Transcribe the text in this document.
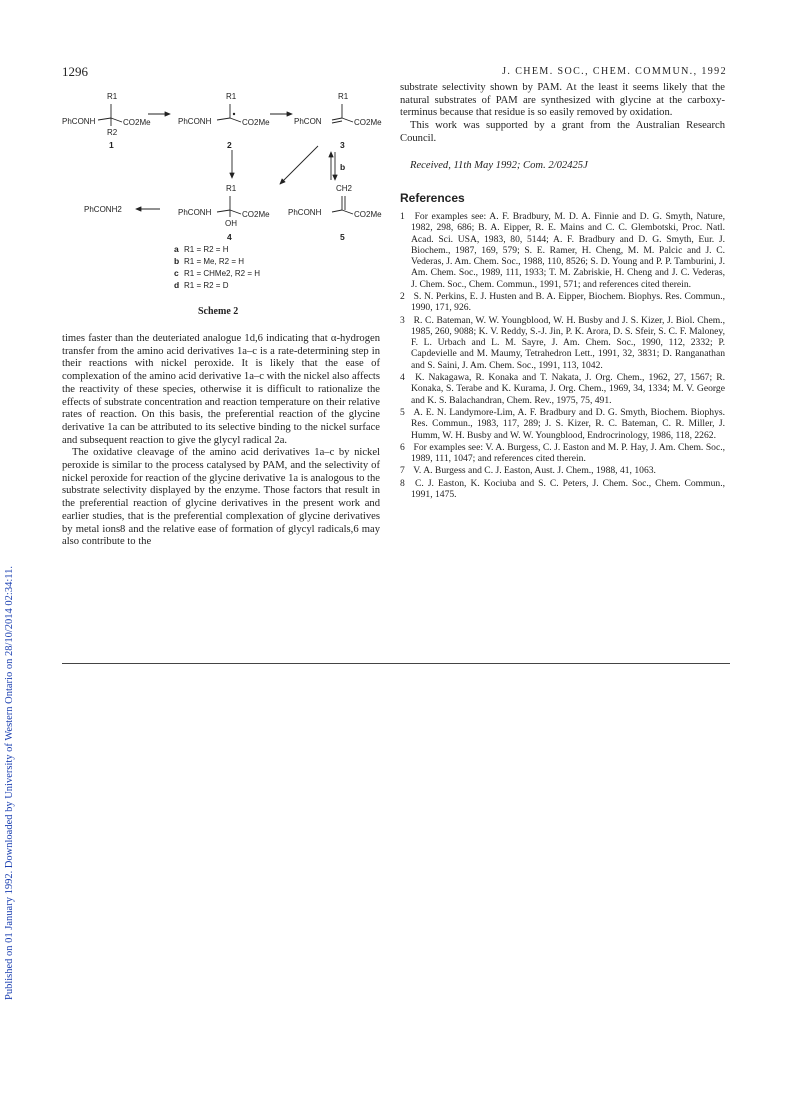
1296	J. CHEM. SOC., CHEM. COMMUN., 1992
Published on 01 January 1992. Downloaded by University of Western Ontario on 28/10/2014 02:34:11.
R1
PhCONH	CO2Me
R2
1
R1
PhCONH	CO2Me
2
R1
PhCON	CO2Me
3
b
R1
PhCONH	CO2Me
OH
4
CH2
PhCONH	CO2Me
5
PhCONH2
a R1 = R2 = H
b R1 = Me, R2 = H
c R1 = CHMe2, R2 = H
d R1 = R2 = D
Scheme 2

times faster than the deuteriated analogue 1d,6 indicating that α-hydrogen transfer from the amino acid derivatives 1a–c is a rate-determining step in their reactions with nickel peroxide. It is likely that the ease of complexation of the amino acid derivative 1a–c with the nickel also affects the reactivity of these species, otherwise it is difficult to rationalize the effects of substrate concentration and reaction temperature on their relative rates of reaction. On this basis, the preferential reaction of the glycine derivative 1a can be attributed to its selective binding to the nickel surface and subsequent reaction to give the glycyl radical 2a.

The oxidative cleavage of the amino acid derivatives 1a–c by nickel peroxide is similar to the process catalysed by PAM, and the selectivity of nickel peroxide for reaction of the glycine derivative 1a is analogous to the substrate selectivity displayed by the enzyme. Those factors that result in the preferential reaction of glycine derivatives in the present work and earlier studies, that is the preferential complexation of glycine derivatives by metal ions8 and the relative ease of formation of glycyl radicals,6 may also contribute to the

substrate selectivity shown by PAM. At the least it seems likely that the natural substrates of PAM are synthesized with glycine at the carboxy-terminus because that residue is so easily removed by oxidation.

This work was supported by a grant from the Australian Research Council.

Received, 11th May 1992; Com. 2/02425J

References
1 For examples see: A. F. Bradbury, M. D. A. Finnie and D. G. Smyth, Nature, 1982, 298, 686; B. A. Eipper, R. E. Mains and C. C. Glembotski, Proc. Natl. Acad. Sci. USA, 1983, 80, 5144; A. F. Bradbury and D. G. Smyth, Eur. J. Biochem., 1987, 169, 579; S. E. Ramer, H. Cheng, M. M. Palcic and J. C. Vederas, J. Am. Chem. Soc., 1988, 110, 8526; S. D. Young and P. P. Tamburini, J. Am. Chem. Soc., 1989, 111, 1933; T. M. Zabriskie, H. Cheng and J. C. Vederas, J. Chem. Soc., Chem. Commun., 1991, 571; and references cited therein.
2 S. N. Perkins, E. J. Husten and B. A. Eipper, Biochem. Biophys. Res. Commun., 1990, 171, 926.
3 R. C. Bateman, W. W. Youngblood, W. H. Busby and J. S. Kizer, J. Biol. Chem., 1985, 260, 9088; K. V. Reddy, S.-J. Jin, P. K. Arora, D. S. Sfeir, S. C. F. Maloney, F. L. Urbach and L. M. Sayre, J. Am. Chem. Soc., 1990, 112, 2332; P. Capdevielle and M. Maumy, Tetrahedron Lett., 1991, 32, 3831; D. Ranganathan and S. Saini, J. Am. Chem. Soc., 1991, 113, 1042.
4 K. Nakagawa, R. Konaka and T. Nakata, J. Org. Chem., 1962, 27, 1567; R. Konaka, S. Terabe and K. Kurama, J. Org. Chem., 1969, 34, 1334; M. V. George and K. S. Balachandran, Chem. Rev., 1975, 75, 491.
5 A. E. N. Landymore-Lim, A. F. Bradbury and D. G. Smyth, Biochem. Biophys. Res. Commun., 1983, 117, 289; J. S. Kizer, R. C. Bateman, C. R. Miller, J. Humm, W. H. Busby and W. W. Youngblood, Endrocrinology, 1986, 118, 2262.
6 For examples see: V. A. Burgess, C. J. Easton and M. P. Hay, J. Am. Chem. Soc., 1989, 111, 1047; and references cited therein.
7 V. A. Burgess and C. J. Easton, Aust. J. Chem., 1988, 41, 1063.
8 C. J. Easton, K. Kociuba and S. C. Peters, J. Chem. Soc., Chem. Commun., 1991, 1475.
